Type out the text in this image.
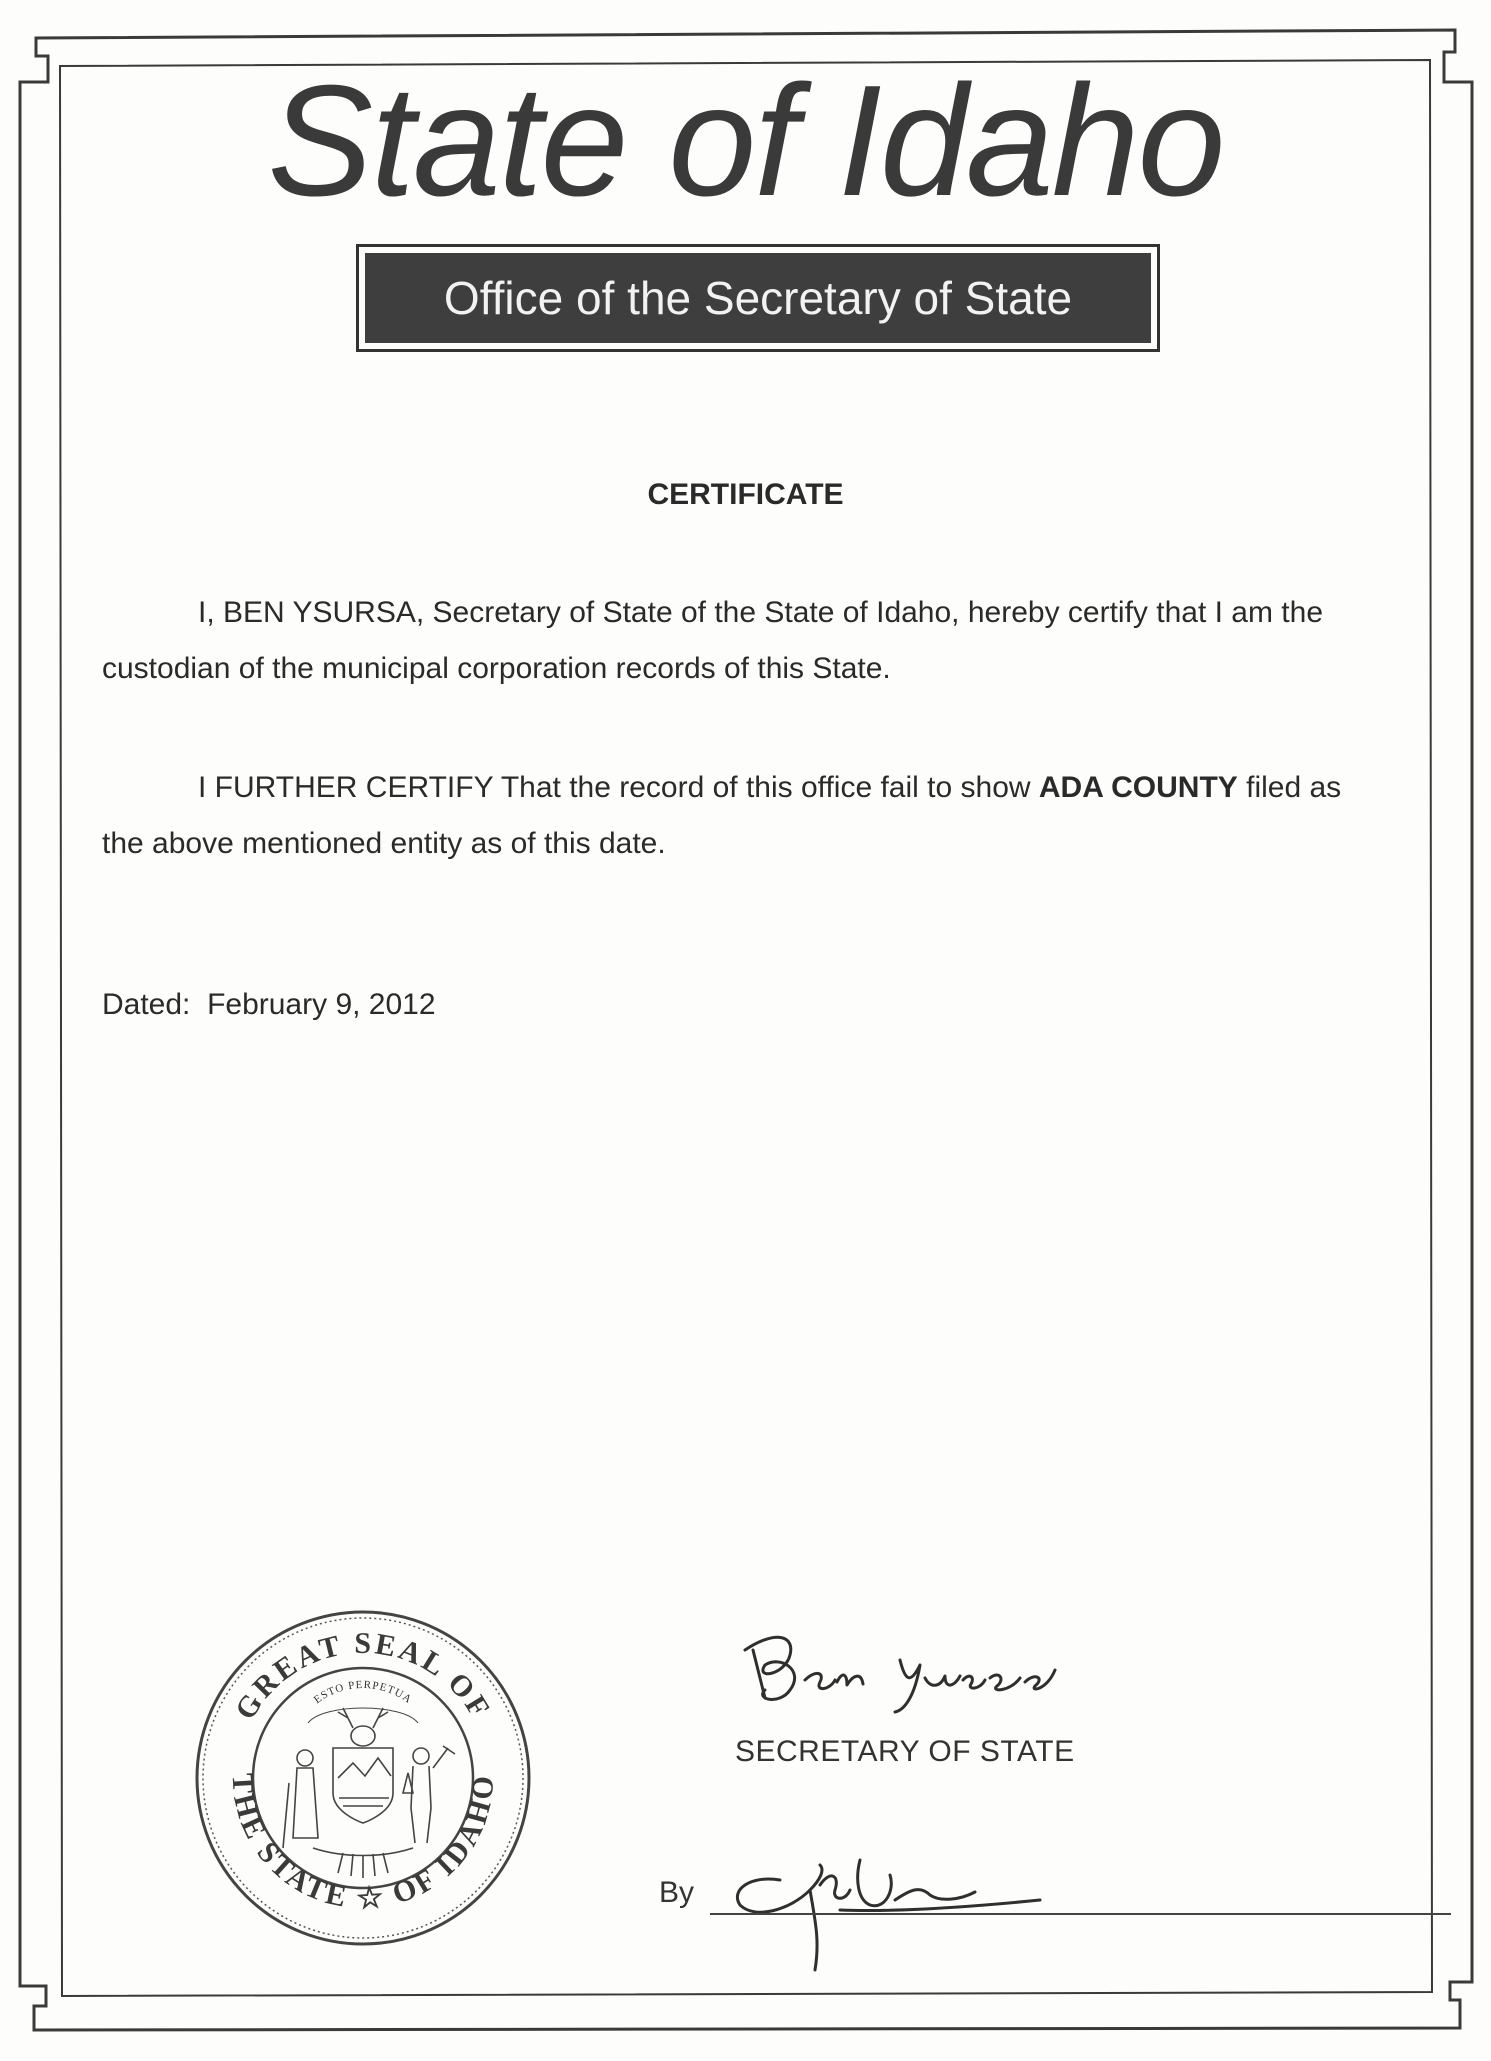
State of Idaho
Office of the Secretary of State
CERTIFICATE

I, BEN YSURSA, Secretary of State of the State of Idaho, hereby certify that I am the custodian of the municipal corporation records of this State.

I FURTHER CERTIFY That the record of this office fail to show ADA COUNTY filed as the above mentioned entity as of this date.

Dated: February 9, 2012

SECRETARY OF STATE

By

GREAT SEAL OF
THE STATE ☆ OF IDAHO
ESTO PERPETUA
